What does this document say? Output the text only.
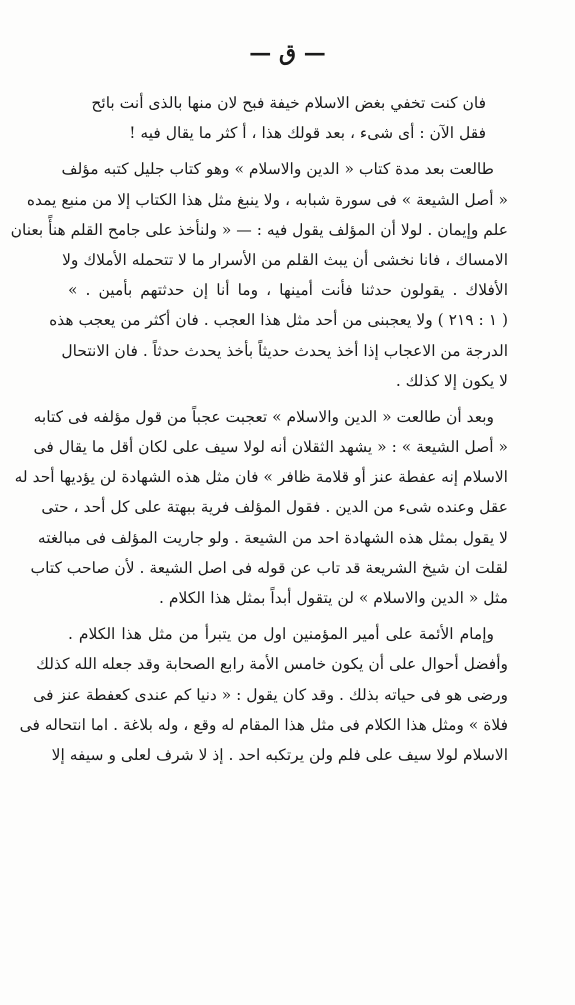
— ق —
فان كنت تخفي بغض الاسلام خيفة فبح لان منها بالذى أنت بائح
فقل الآن : أى شىء ، بعد قولك هذا ، أ كثر ما يقال فيه !
طالعت بعد مدة كتاب « الدين والاسلام » وهو كتاب جليل كتبه مؤلف
« أصل الشيعة » فى سورة شبابه ، ولا ينبغ مثل هذا الكتاب إلا من منبع يمده
علم وإيمان . لولا أن المؤلف يقول فيه : — « ولنأخذ على جامح القلم هنأً بعنان
الامساك ، فانا نخشى أن يبث القلم من الأسرار ما لا تتحمله الأملاك ولا
الأفلاك . يقولون حدثنا فأنت أمينها ، وما أنا إن حدثتهم بأمين . »
( ١ : ٢١٩ ) ولا يعجبنى من أحد مثل هذا العجب . فان أكثر من يعجب هذه
الدرجة من الاعجاب إذا أخذ يحدث حديثاً بأخذ يحدث حدثاً . فان الانتحال
لا يكون إلا كذلك .
وبعد أن طالعت « الدين والاسلام » تعجبت عجباً من قول مؤلفه فى كتابه
« أصل الشيعة » : « يشهد الثقلان أنه لولا سيف على لكان أقل ما يقال فى
الاسلام إنه عفطة عنز أو قلامة ظافر » فان مثل هذه الشهادة لن يؤديها أحد له
عقل وعنده شىء من الدين . فقول المؤلف فرية ببهتة على كل أحد ، حتى
لا يقول بمثل هذه الشهادة احد من الشيعة . ولو جاريت المؤلف فى مبالغته
لقلت ان شيخ الشريعة قد تاب عن قوله فى اصل الشيعة . لأن صاحب كتاب
مثل « الدين والاسلام » لن يتقول أبداً بمثل هذا الكلام .
وإمام الأئمة على أمير المؤمنين اول من يتبرأ من مثل هذا الكلام .
وأفضل أحوال على أن يكون خامس الأمة رابع الصحابة وقد جعله الله كذلك
ورضى هو فى حياته بذلك . وقد كان يقول : « دنيا كم عندى كعفطة عنز فى
فلاة » ومثل هذا الكلام فى مثل هذا المقام له وقع ، وله بلاغة . اما انتحاله فى
الاسلام لولا سيف على فلم ولن يرتكبه احد . إذ لا شرف لعلى و سيفه إلا
